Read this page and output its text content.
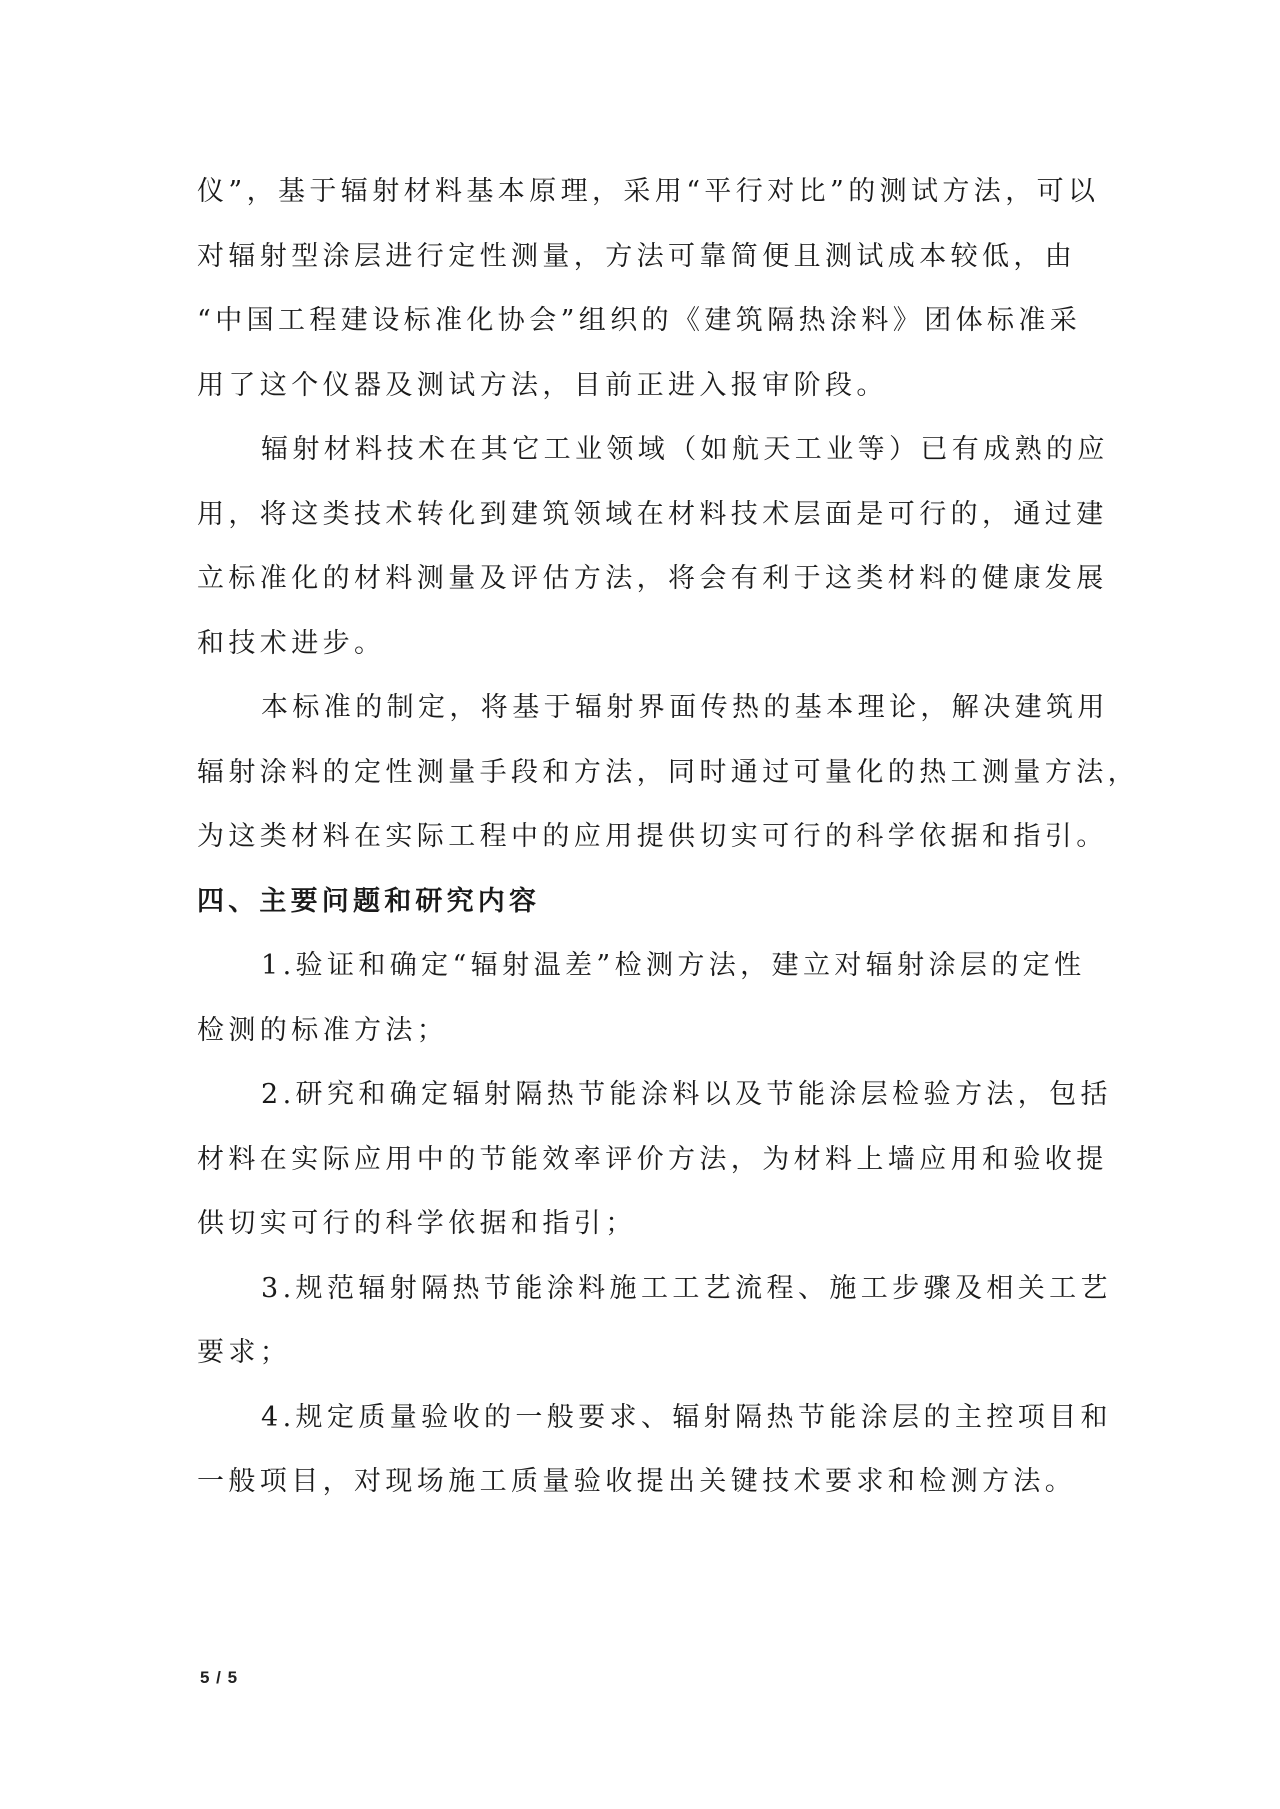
仪”，基于辐射材料基本原理，采用“平行对比”的测试方法，可以
对辐射型涂层进行定性测量，方法可靠简便且测试成本较低，由
“中国工程建设标准化协会”组织的《建筑隔热涂料》团体标准采
用了这个仪器及测试方法，目前正进入报审阶段。
辐射材料技术在其它工业领域（如航天工业等）已有成熟的应
用，将这类技术转化到建筑领域在材料技术层面是可行的，通过建
立标准化的材料测量及评估方法，将会有利于这类材料的健康发展
和技术进步。
本标准的制定，将基于辐射界面传热的基本理论，解决建筑用
辐射涂料的定性测量手段和方法，同时通过可量化的热工测量方法，
为这类材料在实际工程中的应用提供切实可行的科学依据和指引。
四、主要问题和研究内容
1.验证和确定“辐射温差”检测方法，建立对辐射涂层的定性
检测的标准方法；
2.研究和确定辐射隔热节能涂料以及节能涂层检验方法，包括
材料在实际应用中的节能效率评价方法，为材料上墙应用和验收提
供切实可行的科学依据和指引；
3.规范辐射隔热节能涂料施工工艺流程、施工步骤及相关工艺
要求；
4.规定质量验收的一般要求、辐射隔热节能涂层的主控项目和
一般项目，对现场施工质量验收提出关键技术要求和检测方法。
5 / 5
